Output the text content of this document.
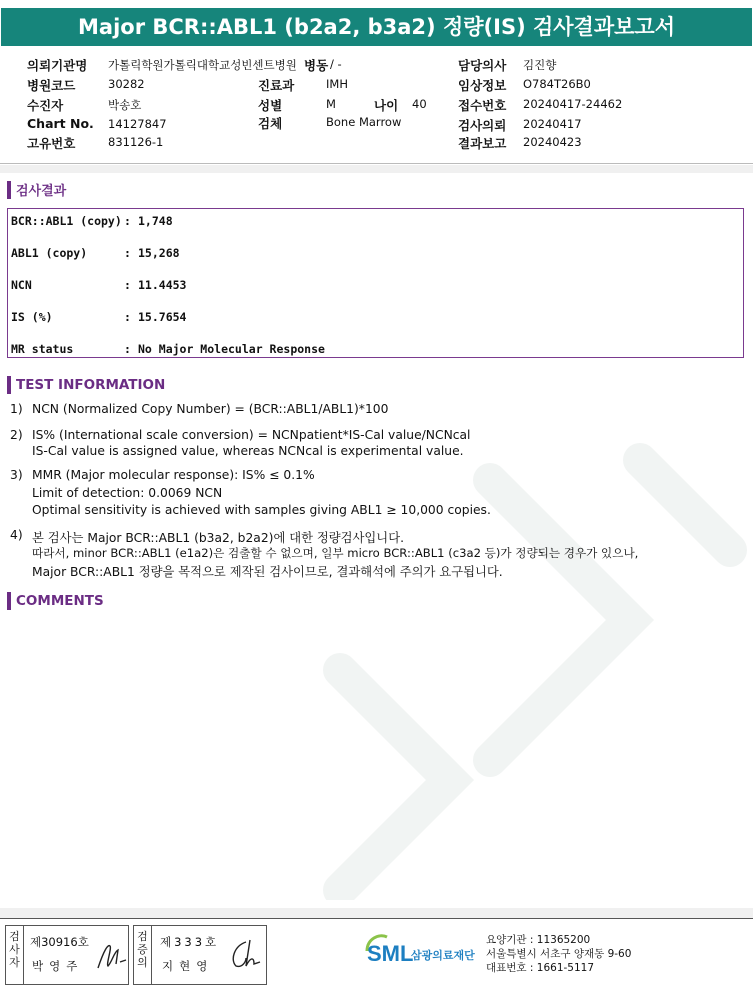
Major BCR::ABL1 (b2a2, b3a2) 정량(IS) 검사결과보고서
의뢰기관명 가톨릭학원가톨릭대학교성빈센트병원
병원코드	30282
수진자	박송호
Chart No. 14127847
고유번호	831126-1
병동 / -
진료과	IMH
성별	M	나이 40
검체	Bone Marrow
담당의사 김진향
임상정보 O784T26B0
접수번호 20240417-24462
검사의뢰 20240417
결과보고 20240423
검사결과
BCR::ABL1 (copy) : 1,748
ABL1 (copy)	: 15,268
NCN	: 11.4453
IS (%)	: 15.7654
MR status	: No Major Molecular Response
TEST INFORMATION
1) NCN (Normalized Copy Number) = (BCR::ABL1/ABL1)*100
2) IS% (International scale conversion) = NCNpatient*IS-Cal value/NCNcal
IS-Cal value is assigned value, whereas NCNcal is experimental value.
3) MMR (Major molecular response): IS% ≤ 0.1%
Limit of detection: 0.0069 NCN
Optimal sensitivity is achieved with samples giving ABL1 ≥ 10,000 copies.
4) 본 검사는 Major BCR::ABL1 (b3a2, b2a2)에 대한 정량검사입니다.
따라서, minor BCR::ABL1 (e1a2)은 검출할 수 없으며, 일부 micro BCR::ABL1 (c3a2 등)가 정량되는 경우가 있으나,
Major BCR::ABL1 정량을 목적으로 제작된 검사이므로, 결과해석에 주의가 요구됩니다.
COMMENTS
검사자
제30916호
박영주
검증의
제333호
지현영	SML
삼광의료재단
요양기관 : 11365200
서울특별시 서초구 양재동 9-60
대표번호 : 1661-5117
